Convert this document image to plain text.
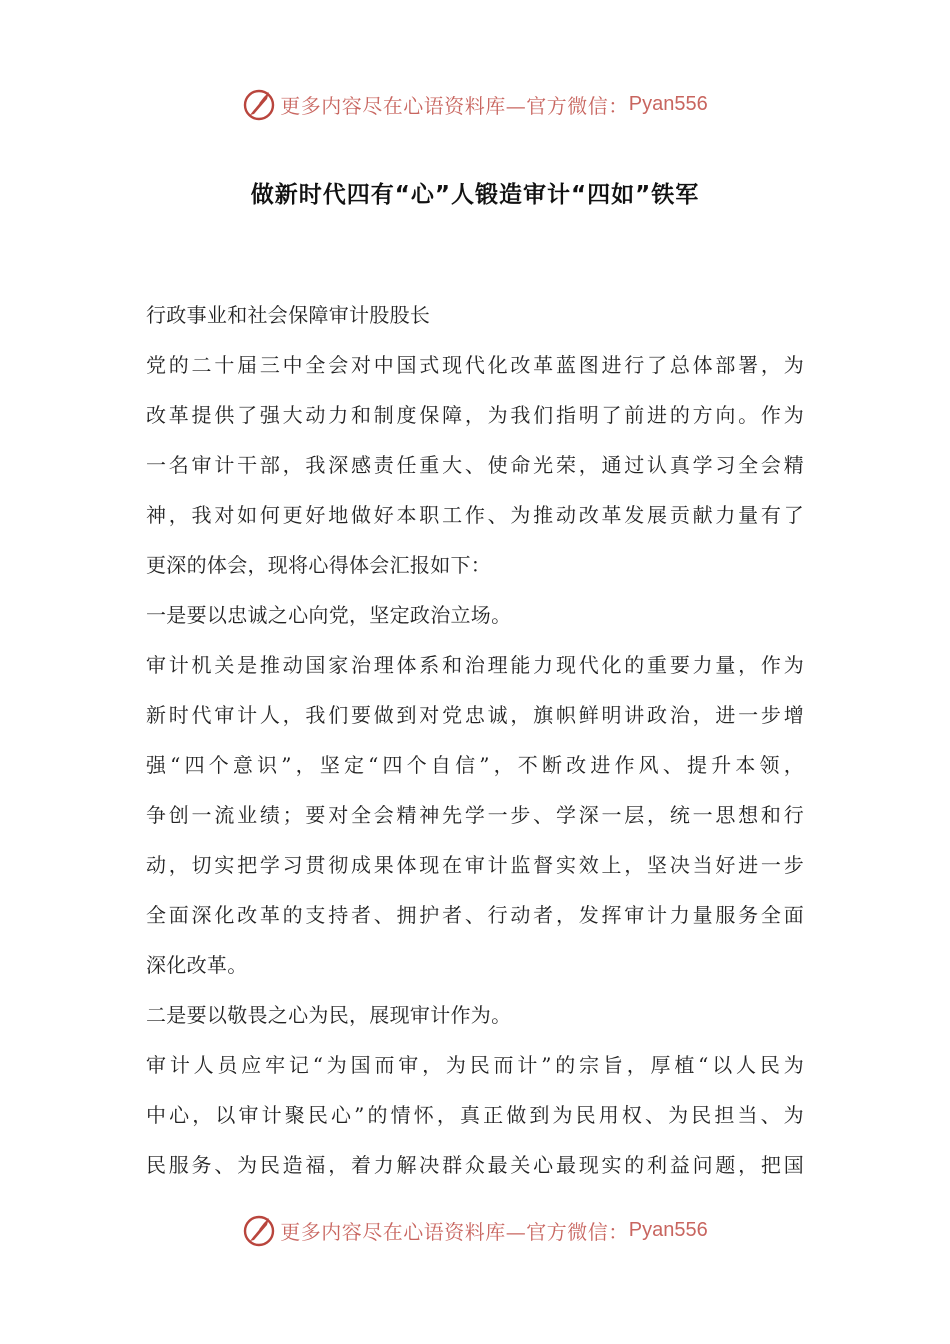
更多内容尽在心语资料库—官方微信： Pyan556
做新时代四有“心”人锻造审计“四如”铁军
行政事业和社会保障审计股股长
党的二十届三中全会对中国式现代化改革蓝图进行了总体部署，为
改革提供了强大动力和制度保障，为我们指明了前进的方向。作为
一名审计干部，我深感责任重大、使命光荣，通过认真学习全会精
神，我对如何更好地做好本职工作、为推动改革发展贡献力量有了
更深的体会，现将心得体会汇报如下：
一是要以忠诚之心向党，坚定政治立场。
审计机关是推动国家治理体系和治理能力现代化的重要力量，作为
新时代审计人，我们要做到对党忠诚，旗帜鲜明讲政治，进一步增
强“四个意识”，坚定“四个自信”，不断改进作风、提升本领，
争创一流业绩；要对全会精神先学一步、学深一层，统一思想和行
动，切实把学习贯彻成果体现在审计监督实效上，坚决当好进一步
全面深化改革的支持者、拥护者、行动者，发挥审计力量服务全面
深化改革。
二是要以敬畏之心为民，展现审计作为。
审计人员应牢记“为国而审，为民而计”的宗旨，厚植“以人民为
中心，以审计聚民心”的情怀，真正做到为民用权、为民担当、为
民服务、为民造福，着力解决群众最关心最现实的利益问题，把国
更多内容尽在心语资料库—官方微信： Pyan556
